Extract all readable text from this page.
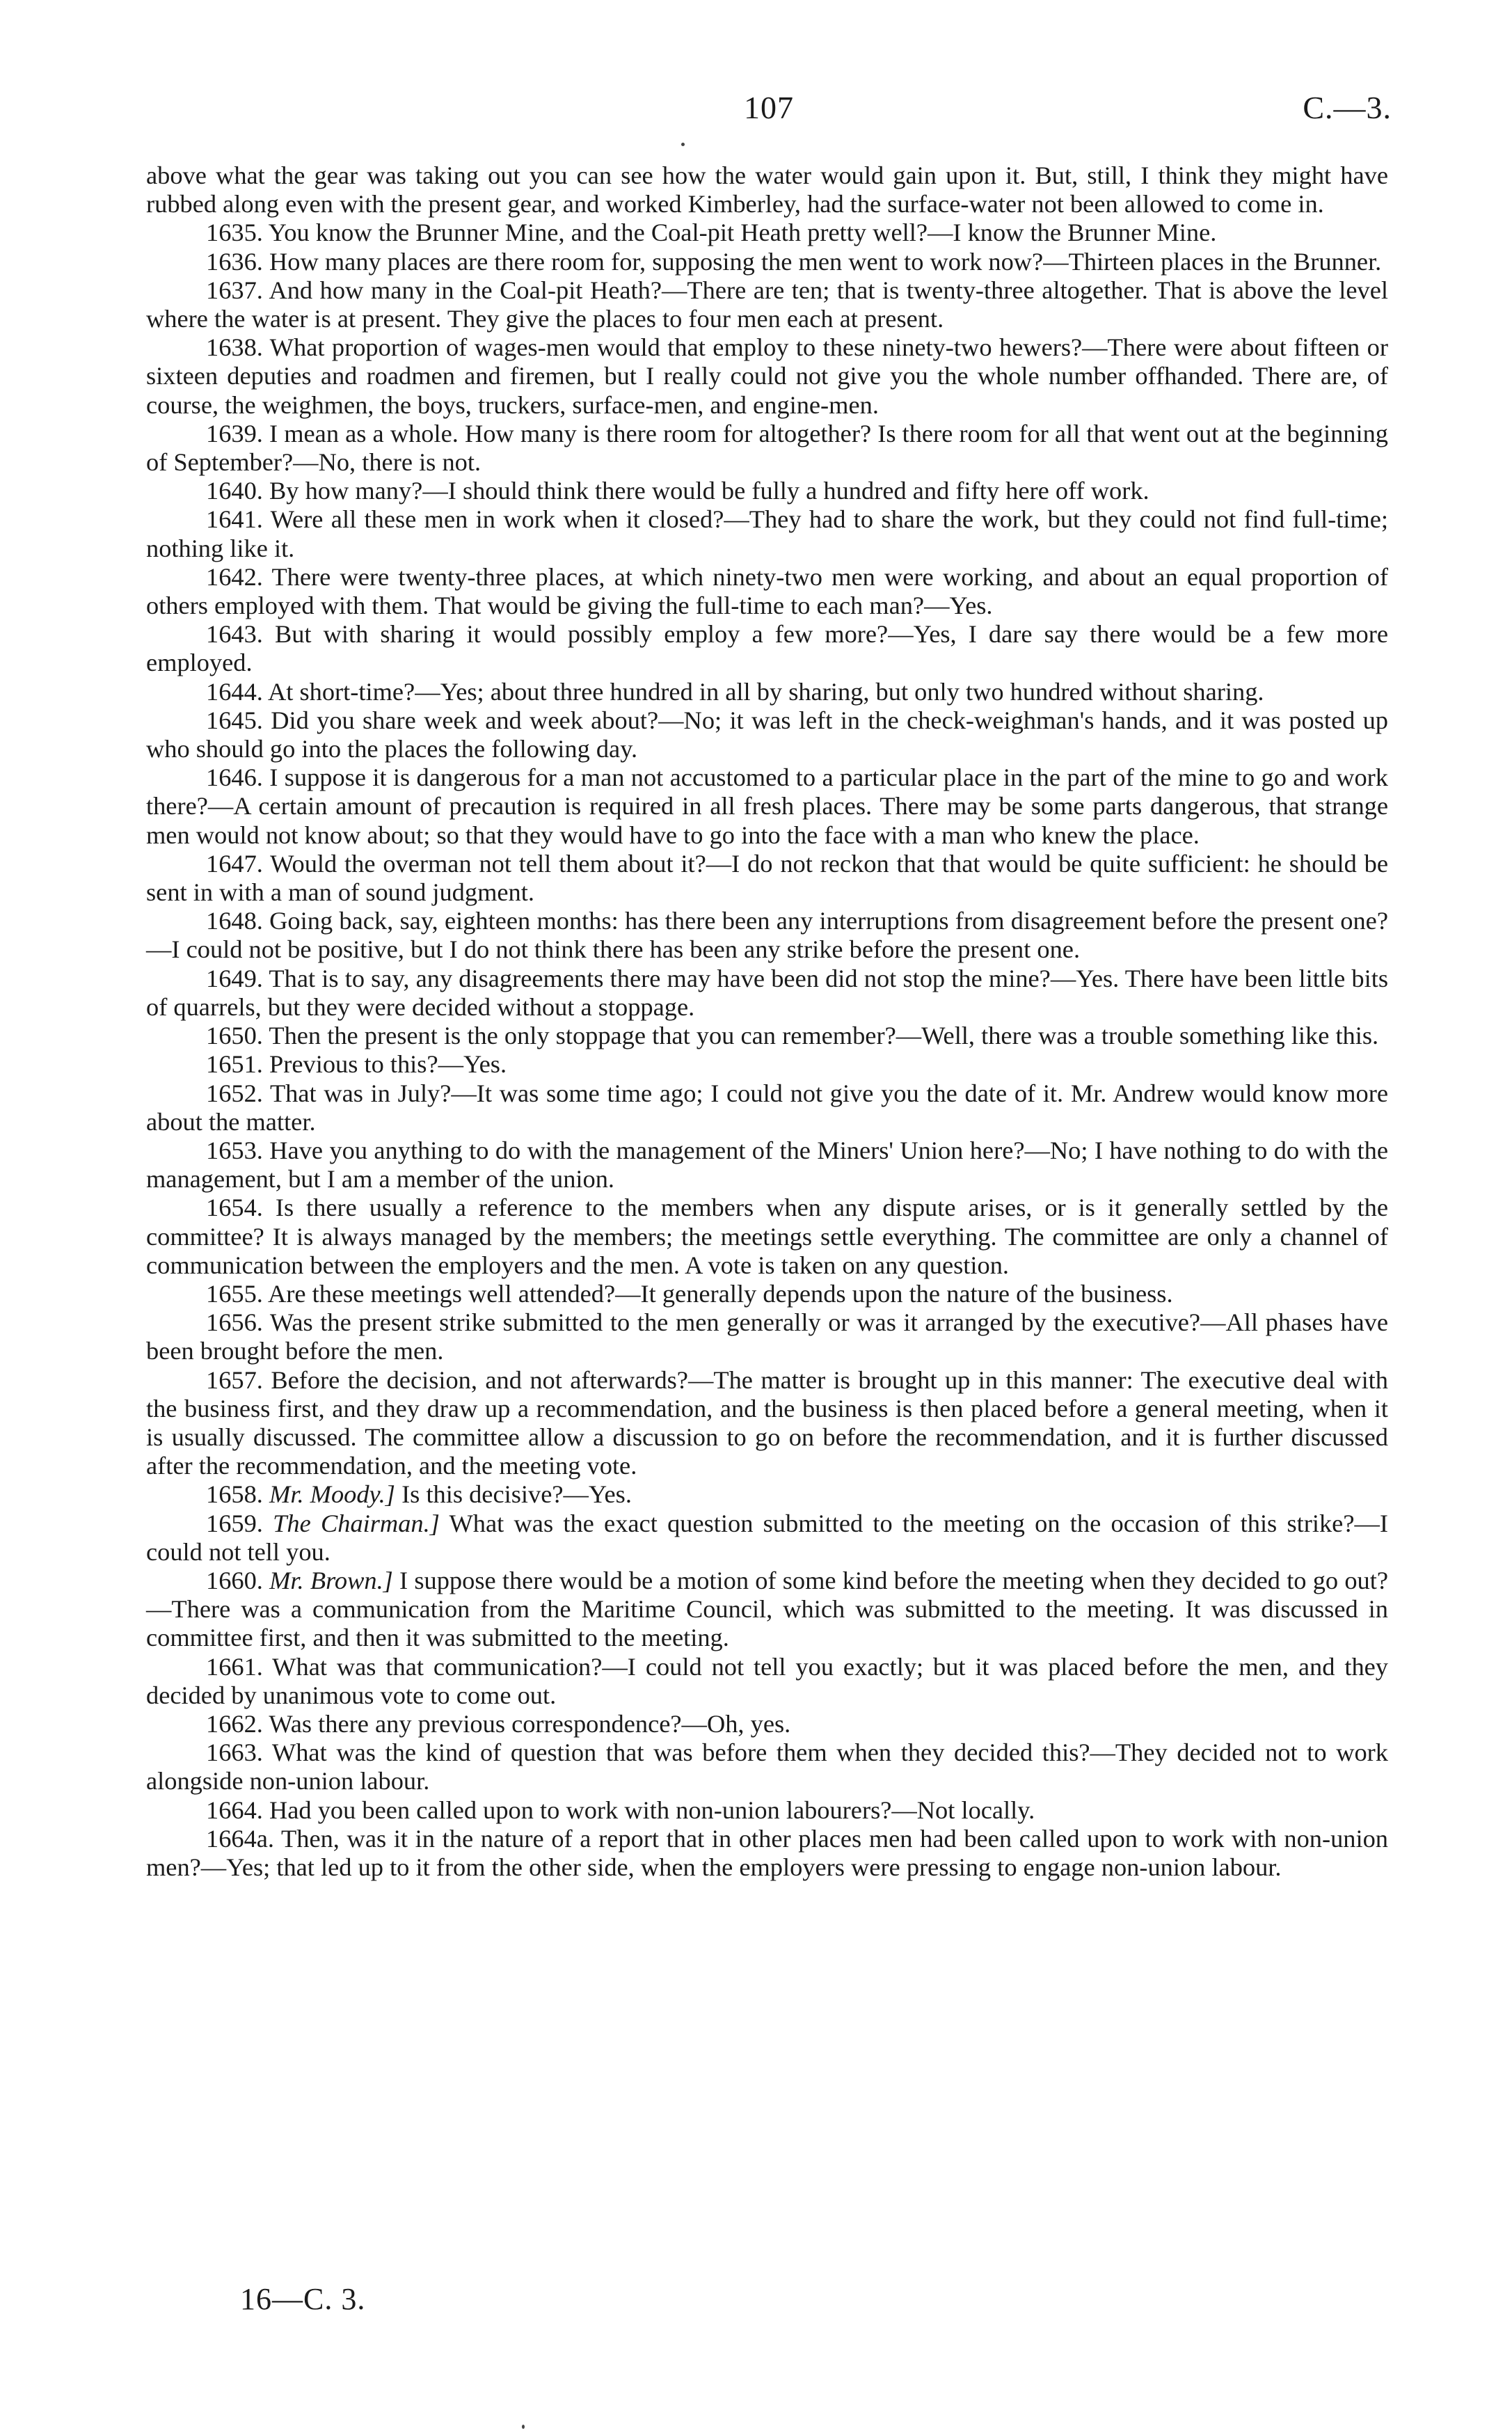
107	C.—3.

above what the gear was taking out you can see how the water would gain upon it. But, still, I think they might have rubbed along even with the present gear, and worked Kimberley, had the surface-water not been allowed to come in.

1635. You know the Brunner Mine, and the Coal-pit Heath pretty well?—I know the Brunner Mine.

1636. How many places are there room for, supposing the men went to work now?—Thirteen places in the Brunner.

1637. And how many in the Coal-pit Heath?—There are ten; that is twenty-three altogether. That is above the level where the water is at present. They give the places to four men each at present.

1638. What proportion of wages-men would that employ to these ninety-two hewers?—There were about fifteen or sixteen deputies and roadmen and firemen, but I really could not give you the whole number offhanded. There are, of course, the weighmen, the boys, truckers, surface-men, and engine-men.

1639. I mean as a whole. How many is there room for altogether? Is there room for all that went out at the beginning of September?—No, there is not.

1640. By how many?—I should think there would be fully a hundred and fifty here off work.

1641. Were all these men in work when it closed?—They had to share the work, but they could not find full-time; nothing like it.

1642. There were twenty-three places, at which ninety-two men were working, and about an equal proportion of others employed with them. That would be giving the full-time to each man?—Yes.

1643. But with sharing it would possibly employ a few more?—Yes, I dare say there would be a few more employed.

1644. At short-time?—Yes; about three hundred in all by sharing, but only two hundred without sharing.

1645. Did you share week and week about?—No; it was left in the check-weighman's hands, and it was posted up who should go into the places the following day.

1646. I suppose it is dangerous for a man not accustomed to a particular place in the part of the mine to go and work there?—A certain amount of precaution is required in all fresh places. There may be some parts dangerous, that strange men would not know about; so that they would have to go into the face with a man who knew the place.

1647. Would the overman not tell them about it?—I do not reckon that that would be quite sufficient: he should be sent in with a man of sound judgment.

1648. Going back, say, eighteen months: has there been any interruptions from disagreement before the present one?—I could not be positive, but I do not think there has been any strike before the present one.

1649. That is to say, any disagreements there may have been did not stop the mine?—Yes. There have been little bits of quarrels, but they were decided without a stoppage.

1650. Then the present is the only stoppage that you can remember?—Well, there was a trouble something like this.

1651. Previous to this?—Yes.

1652. That was in July?—It was some time ago; I could not give you the date of it. Mr. Andrew would know more about the matter.

1653. Have you anything to do with the management of the Miners' Union here?—No; I have nothing to do with the management, but I am a member of the union.

1654. Is there usually a reference to the members when any dispute arises, or is it generally settled by the committee? It is always managed by the members; the meetings settle everything. The committee are only a channel of communication between the employers and the men. A vote is taken on any question.

1655. Are these meetings well attended?—It generally depends upon the nature of the business.

1656. Was the present strike submitted to the men generally or was it arranged by the executive?—All phases have been brought before the men.

1657. Before the decision, and not afterwards?—The matter is brought up in this manner: The executive deal with the business first, and they draw up a recommendation, and the business is then placed before a general meeting, when it is usually discussed. The committee allow a discussion to go on before the recommendation, and it is further discussed after the recommendation, and the meeting vote.

1658. Mr. Moody.] Is this decisive?—Yes.

1659. The Chairman.] What was the exact question submitted to the meeting on the occasion of this strike?—I could not tell you.

1660. Mr. Brown.] I suppose there would be a motion of some kind before the meeting when they decided to go out?—There was a communication from the Maritime Council, which was submitted to the meeting. It was discussed in committee first, and then it was submitted to the meeting.

1661. What was that communication?—I could not tell you exactly; but it was placed before the men, and they decided by unanimous vote to come out.

1662. Was there any previous correspondence?—Oh, yes.

1663. What was the kind of question that was before them when they decided this?—They decided not to work alongside non-union labour.

1664. Had you been called upon to work with non-union labourers?—Not locally.

1664a. Then, was it in the nature of a report that in other places men had been called upon to work with non-union men?—Yes; that led up to it from the other side, when the employers were pressing to engage non-union labour.

16—C. 3.
